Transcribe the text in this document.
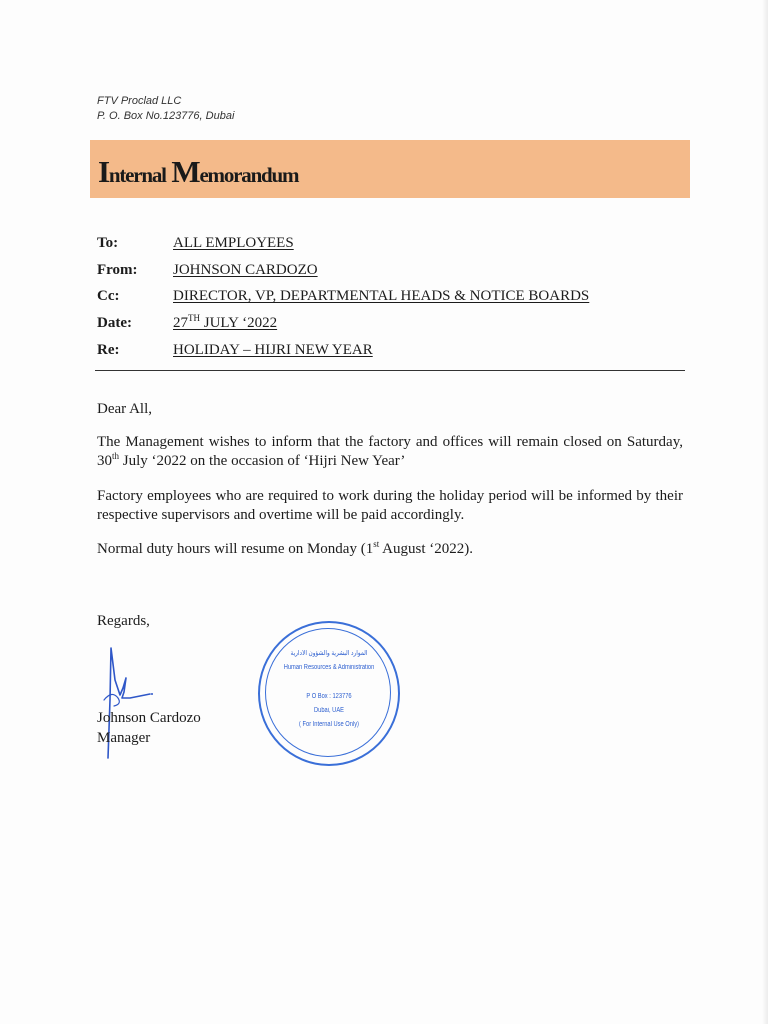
FTV Proclad LLC
P. O. Box No.123776, Dubai
Internal Memorandum
To:	ALL EMPLOYEES
From:	JOHNSON CARDOZO
Cc:	DIRECTOR, VP, DEPARTMENTAL HEADS & NOTICE BOARDS
Date:	27TH JULY ‘2022
Re:	HOLIDAY – HIJRI NEW YEAR
Dear All,
The Management wishes to inform that the factory and offices will remain closed on Saturday, 30th July ‘2022 on the occasion of ‘Hijri New Year’
Factory employees who are required to work during the holiday period will be informed by their respective supervisors and overtime will be paid accordingly.
Normal duty hours will resume on Monday (1st August ‘2022).
Regards,
Johnson Cardozo
Manager
الموارد البشرية والشؤون الادارية
Human Resources & Administration
P O Box : 123776
Dubai, UAE
( For Internal Use Only)
